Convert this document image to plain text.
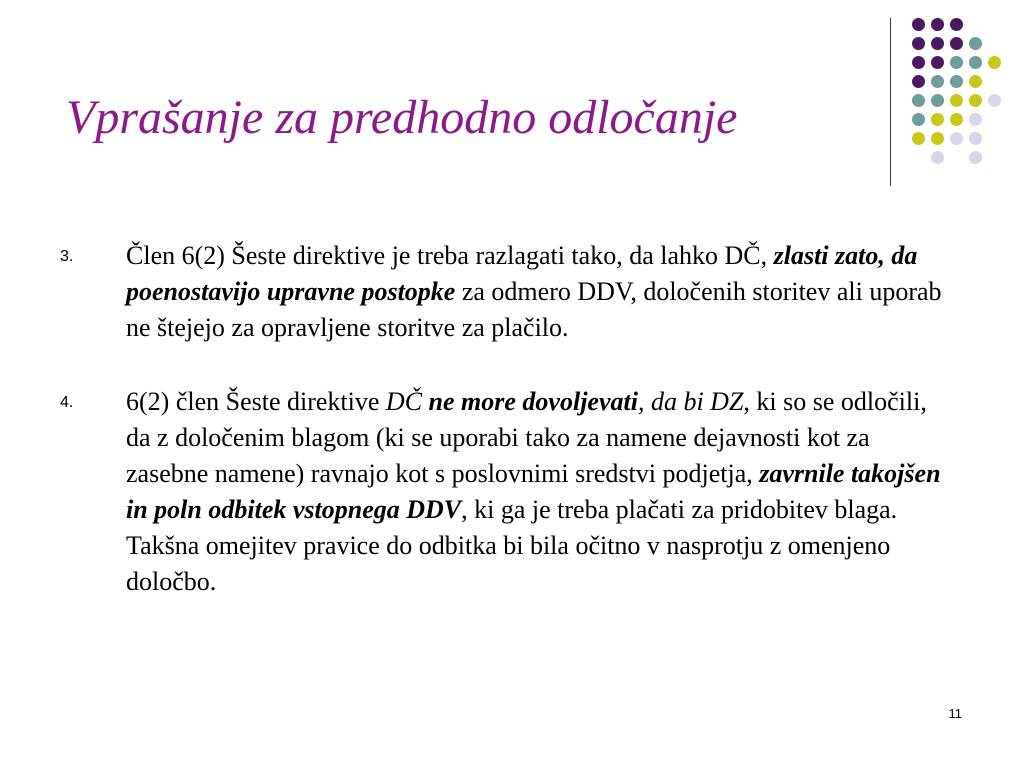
Vprašanje za predhodno odločanje
3. Člen 6(2) Šeste direktive je treba razlagati tako, da lahko DČ, zlasti zato, da poenostavijo upravne postopke za odmero DDV, določenih storitev ali uporab ne štejejo za opravljene storitve za plačilo.
4. 6(2) člen Šeste direktive DČ ne more dovoljevati, da bi DZ, ki so se odločili, da z določenim blagom (ki se uporabi tako za namene dejavnosti kot za zasebne namene) ravnajo kot s poslovnimi sredstvi podjetja, zavrnile takojšen in poln odbitek vstopnega DDV, ki ga je treba plačati za pridobitev blaga. Takšna omejitev pravice do odbitka bi bila očitno v nasprotju z omenjeno določbo.
11
